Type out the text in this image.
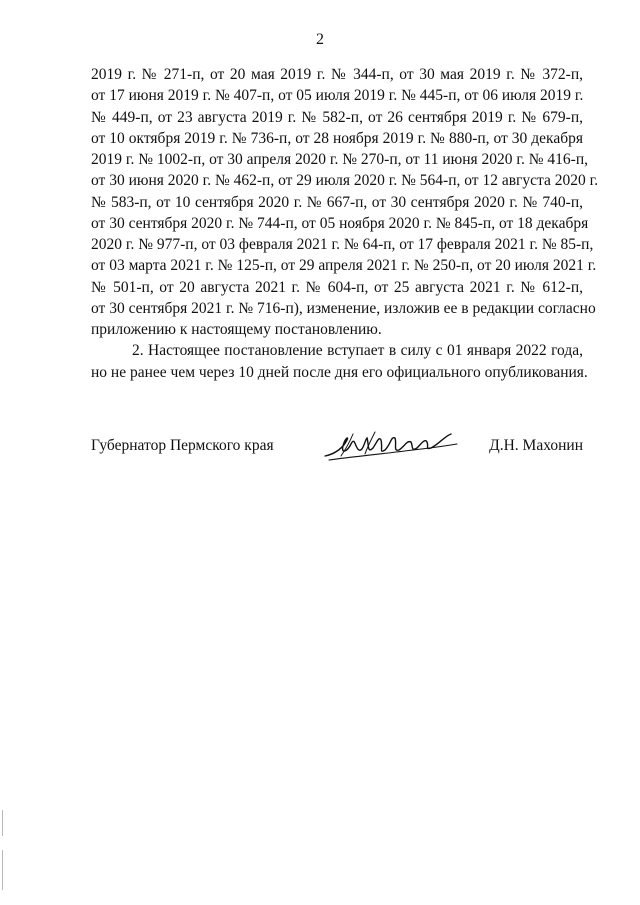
2
2019 г. № 271-п, от 20 мая 2019 г. № 344-п, от 30 мая 2019 г. № 372-п,
от 17 июня 2019 г. № 407-п, от 05 июля 2019 г. № 445-п, от 06 июля 2019 г.
№ 449-п, от 23 августа 2019 г. № 582-п, от 26 сентября 2019 г. № 679-п,
от 10 октября 2019 г. № 736-п, от 28 ноября 2019 г. № 880-п, от 30 декабря
2019 г. № 1002-п, от 30 апреля 2020 г. № 270-п, от 11 июня 2020 г. № 416-п,
от 30 июня 2020 г. № 462-п, от 29 июля 2020 г. № 564-п, от 12 августа 2020 г.
№ 583-п, от 10 сентября 2020 г. № 667-п, от 30 сентября 2020 г. № 740-п,
от 30 сентября 2020 г. № 744-п, от 05 ноября 2020 г. № 845-п, от 18 декабря
2020 г. № 977-п, от 03 февраля 2021 г. № 64-п, от 17 февраля 2021 г. № 85-п,
от 03 марта 2021 г. № 125-п, от 29 апреля 2021 г. № 250-п, от 20 июля 2021 г.
№ 501-п, от 20 августа 2021 г. № 604-п, от 25 августа 2021 г. № 612-п,
от 30 сентября 2021 г. № 716-п), изменение, изложив ее в редакции согласно
приложению к настоящему постановлению.
2. Настоящее постановление вступает в силу с 01 января 2022 года,
но не ранее чем через 10 дней после дня его официального опубликования.
Губернатор Пермского края	Д.Н. Махонин
